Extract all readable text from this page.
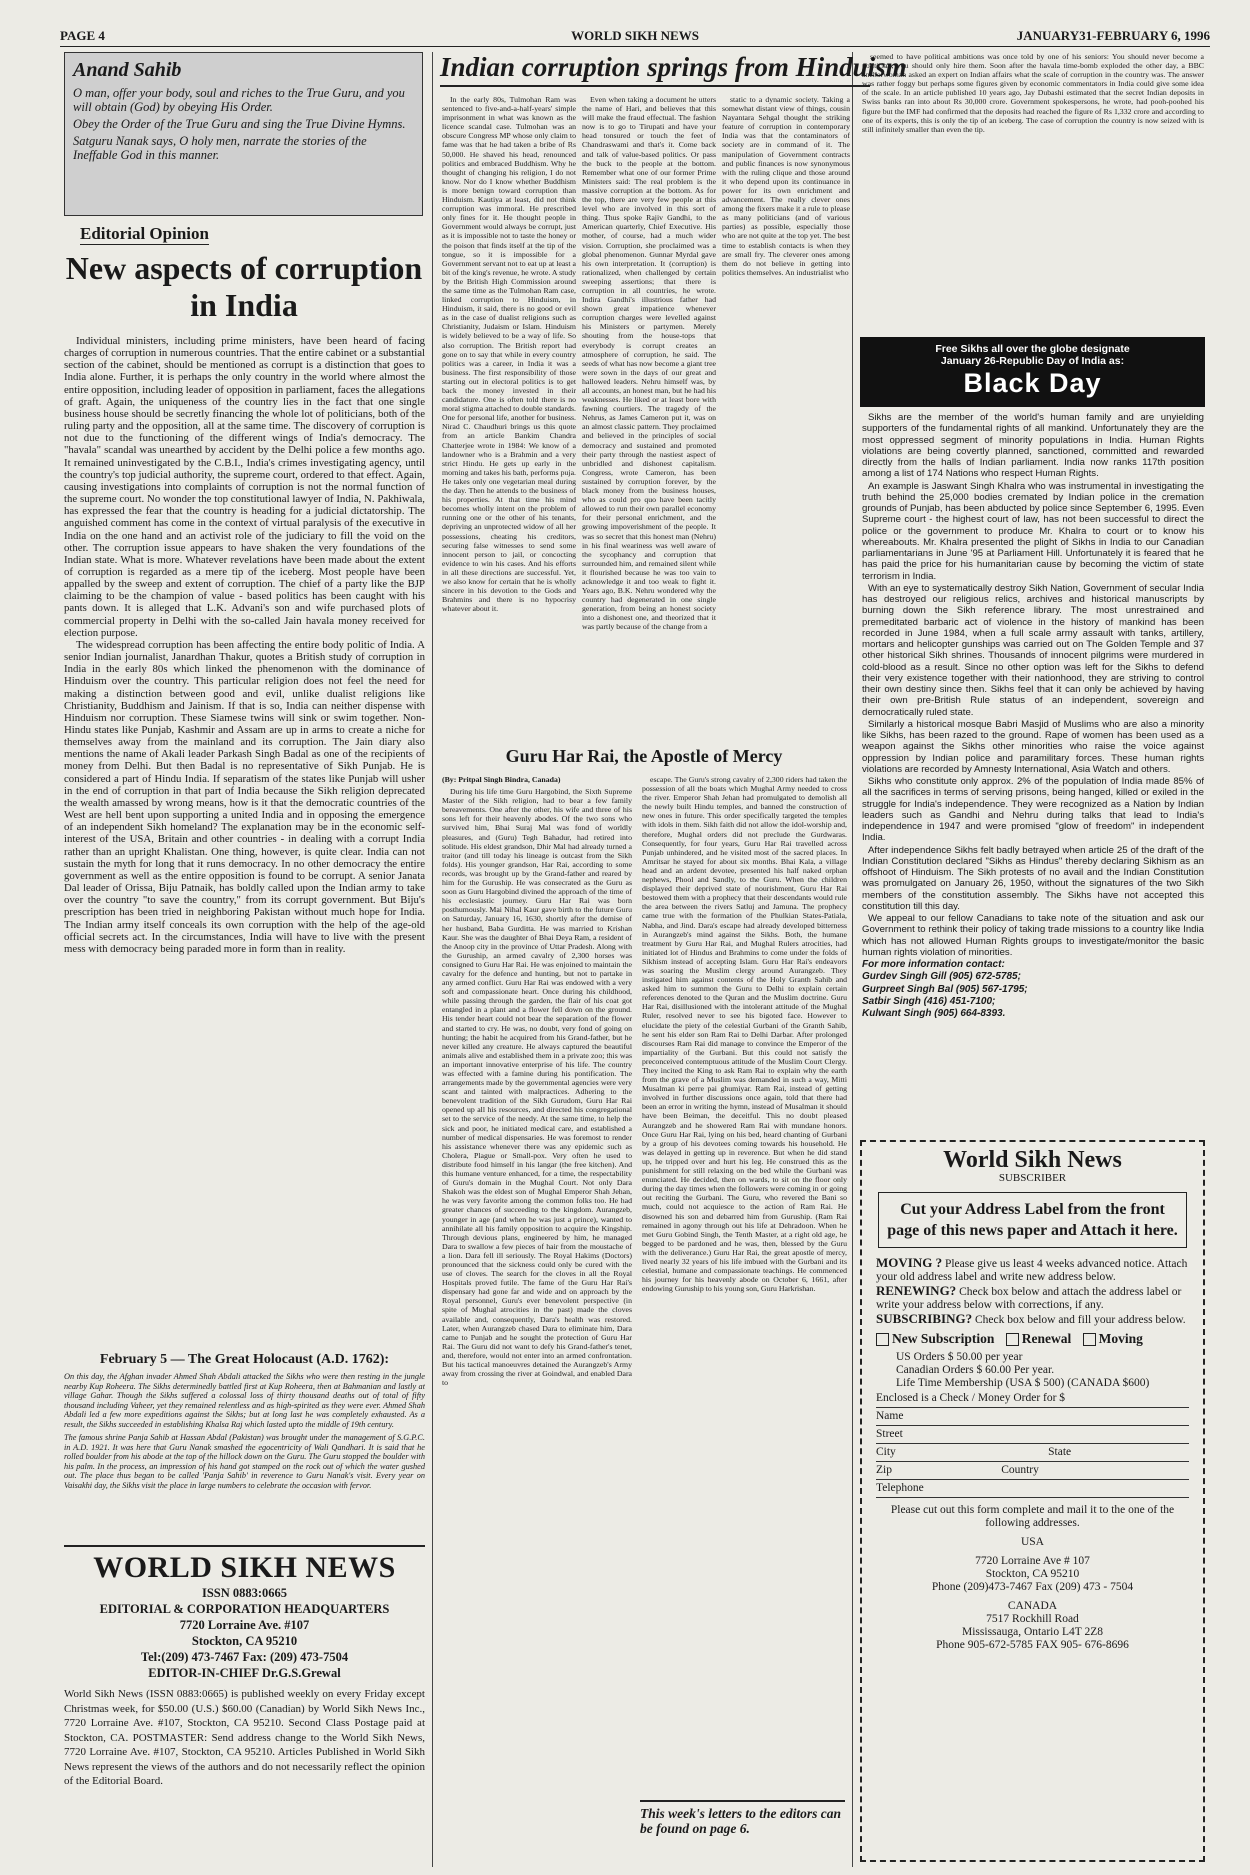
PAGE 4	WORLD SIKH NEWS	JANUARY31-FEBRUARY 6, 1996
Anand Sahib

O man, offer your body, soul and riches to the True Guru, and you will obtain (God) by obeying His Order.

Obey the Order of the True Guru and sing the True Divine Hymns.

Satguru Nanak says, O holy men, narrate the stories of the Ineffable God in this manner.

Editorial Opinion
New aspects of corruption in India

Individual ministers, including prime ministers, have been heard of facing charges of corruption in numerous countries. That the entire cabinet or a substantial section of the cabinet, should be mentioned as corrupt is a distinction that goes to India alone. Further, it is perhaps the only country in the world where almost the entire opposition, including leader of opposition in parliament, faces the allegations of graft. Again, the uniqueness of the country lies in the fact that one single business house should be secretly financing the whole lot of politicians, both of the ruling party and the opposition, all at the same time. The discovery of corruption is not due to the functioning of the different wings of India's democracy. The "havala" scandal was unearthed by accident by the Delhi police a few months ago. It remained uninvestigated by the C.B.I., India's crimes investigating agency, until the country's top judicial authority, the supreme court, ordered to that effect. Again, causing investigations into complaints of corruption is not the normal function of the supreme court. No wonder the top constitutional lawyer of India, N. Pakhiwala, has expressed the fear that the country is heading for a judicial dictatorship. The anguished comment has come in the context of virtual paralysis of the executive in India on the one hand and an activist role of the judiciary to fill the void on the other. The corruption issue appears to have shaken the very foundations of the Indian state. What is more. Whatever revelations have been made about the extent of corruption is regarded as a mere tip of the iceberg. Most people have been appalled by the sweep and extent of corruption. The chief of a party like the BJP claiming to be the champion of value - based politics has been caught with his pants down. It is alleged that L.K. Advani's son and wife purchased plots of commercial property in Delhi with the so-called Jain havala money received for election purpose.

The widespread corruption has been affecting the entire body politic of India. A senior Indian journalist, Janardhan Thakur, quotes a British study of corruption in India in the early 80s which linked the phenomenon with the dominance of Hinduism over the country. This particular religion does not feel the need for making a distinction between good and evil, unlike dualist religions like Christianity, Buddhism and Jainism. If that is so, India can neither dispense with Hinduism nor corruption. These Siamese twins will sink or swim together. Non-Hindu states like Punjab, Kashmir and Assam are up in arms to create a niche for themselves away from the mainland and its corruption. The Jain diary also mentions the name of Akali leader Parkash Singh Badal as one of the recipients of money from Delhi. But then Badal is no representative of Sikh Punjab. He is considered a part of Hindu India. If separatism of the states like Punjab will usher in the end of corruption in that part of India because the Sikh religion deprecated the wealth amassed by wrong means, how is it that the democratic countries of the West are hell bent upon supporting a united India and in opposing the emergence of an independent Sikh homeland? The explanation may be in the economic self-interest of the USA, Britain and other countries - in dealing with a corrupt India rather than an upright Khalistan. One thing, however, is quite clear. India can not sustain the myth for long that it runs democracy. In no other democracy the entire government as well as the entire opposition is found to be corrupt. A senior Janata Dal leader of Orissa, Biju Patnaik, has boldly called upon the Indian army to take over the country "to save the country," from its corrupt government. But Biju's prescription has been tried in neighboring Pakistan without much hope for India. The Indian army itself conceals its own corruption with the help of the age-old official secrets act. In the circumstances, India will have to live with the present mess with democracy being paraded more in form than in reality.

February 5 — The Great Holocaust (A.D. 1762):

On this day, the Afghan invader Ahmed Shah Abdali attacked the Sikhs who were then resting in the jungle nearby Kup Roheera. The Sikhs determinedly battled first at Kup Roheera, then at Bahmanian and lastly at village Gahar. Though the Sikhs suffered a colossal loss of thirty thousand deaths out of total of fifty thousand including Vaheer, yet they remained relentless and as high-spirited as they were ever. Ahmed Shah Abdali led a few more expeditions against the Sikhs; but at long last he was completely exhausted. As a result, the Sikhs succeeded in establishing Khalsa Raj which lasted upto the middle of 19th century.

The famous shrine Panja Sahib at Hassan Abdal (Pakistan) was brought under the management of S.G.P.C. in A.D. 1921. It was here that Guru Nanak smashed the egocentricity of Wali Qandhari. It is said that he rolled boulder from his abode at the top of the hillock down on the Guru. The Guru stopped the boulder with his palm. In the process, an impression of his hand got stamped on the rock out of which the water gushed out. The place thus began to be called 'Panja Sahib' in reverence to Guru Nanak's visit. Every year on Vaisakhi day, the Sikhs visit the place in large numbers to celebrate the occasion with fervor.

WORLD SIKH NEWS
ISSN 0883:0665
EDITORIAL & CORPORATION HEADQUARTERS
7720 Lorraine Ave. #107
Stockton, CA 95210
Tel:(209) 473-7467 Fax: (209) 473-7504
EDITOR-IN-CHIEF Dr.G.S.Grewal
World Sikh News (ISSN 0883:0665) is published weekly on every Friday except Christmas week, for $50.00 (U.S.) $60.00 (Canadian) by World Sikh News Inc., 7720 Lorraine Ave. #107, Stockton, CA 95210. Second Class Postage paid at Stockton, CA. POSTMASTER: Send address change to the World Sikh News, 7720 Lorraine Ave. #107, Stockton, CA 95210. Articles Published in World Sikh News represent the views of the authors and do not necessarily reflect the opinion of the Editorial Board.
Indian corruption springs from Hinduism

In the early 80s, Tulmohan Ram was sentenced to five-and-a-half-years' simple imprisonment in what was known as the licence scandal case. Tulmohan was an obscure Congress MP whose only claim to fame was that he had taken a bribe of Rs 50,000. He shaved his head, renounced politics and embraced Buddhism. Why he thought of changing his religion, I do not know. Nor do I know whether Buddhism is more benign toward corruption than Hinduism. Kautiya at least, did not think corruption was immoral. He prescribed only fines for it. He thought people in Government would always be corrupt, just as it is impossible not to taste the honey or the poison that finds itself at the tip of the tongue, so it is impossible for a Government servant not to eat up at least a bit of the king's revenue, he wrote. A study by the British High Commission around the same time as the Tulmohan Ram case, linked corruption to Hinduism, in Hinduism, it said, there is no good or evil as in the case of dualist religions such as Christianity, Judaism or Islam. Hinduism is widely believed to be a way of life. So also corruption. The British report had gone on to say that while in every country politics was a career, in India it was a business. The first responsibility of those starting out in electoral politics is to get back the money invested in their candidature. One is often told there is no moral stigma attached to double standards. One for personal life, another for business. Nirad C. Chaudhuri brings us this quote from an article Bankim Chandra Chatterjee wrote in 1984: We know of a landowner who is a Brahmin and a very strict Hindu. He gets up early in the morning and takes his bath, performs puja. He takes only one vegetarian meal during the day. Then he attends to the business of his properties. At that time his mind becomes wholly intent on the problem of running one or the other of his tenants, depriving an unprotected widow of all her possessions, cheating his creditors, securing false witnesses to send some innocent person to jail, or concocting evidence to win his cases. And his efforts in all these directions are successful. Yet, we also know for certain that he is wholly sincere in his devotion to the Gods and Brahmins and there is no hypocrisy whatever about it.

Even when taking a document he utters the name of Hari, and believes that this will make the fraud effectual. The fashion now is to go to Tirupati and have your head tonsured or touch the feet of Chandraswami and that's it. Come back and talk of value-based politics. Or pass the buck to the people at the bottom. Remember what one of our former Prime Ministers said: The real problem is the massive corruption at the bottom. As for the top, there are very few people at this level who are involved in this sort of thing. Thus spoke Rajiv Gandhi, to the American quarterly, Chief Executive. His mother, of course, had a much wider vision. Corruption, she proclaimed was a global phenomenon. Gunnar Myrdal gave his own interpretation. It (corruption) is rationalized, when challenged by certain sweeping assertions; that there is corruption in all countries, he wrote. Indira Gandhi's illustrious father had shown great impatience whenever corruption charges were levelled against his Ministers or partymen. Merely shouting from the house-tops that everybody is corrupt creates an atmosphere of corruption, he said. The seeds of what has now become a giant tree were sown in the days of our great and hallowed leaders. Nehru himself was, by all accounts, an honest man, but he had his weaknesses. He liked or at least bore with fawning courtiers. The tragedy of the Nehrus, as James Cameron put it, was on an almost classic pattern. They proclaimed and believed in the principles of social democracy and sustained and promoted their party through the nastiest aspect of unbridled and dishonest capitalism. Congress, wrote Cameron, has been sustained by corruption forever, by the black money from the business houses, who as could pro quo have been tacitly allowed to run their own parallel economy for their personal enrichment, and the growing impoverishment of the people. It was so secret that this honest man (Nehru) in his final weariness was well aware of the sycophancy and corruption that surrounded him, and remained silent while it flourished because he was too vain to acknowledge it and too weak to fight it. Years ago, B.K. Nehru wondered why the country had degenerated in one single generation, from being an honest society into a dishonest one, and theorized that it was partly because of the change from a

static to a dynamic society. Taking a somewhat distant view of things, cousin Nayantara Sehgal thought the striking feature of corruption in contemporary India was that the contaminators of society are in command of it. The manipulation of Government contracts and public finances is now synonymous with the ruling clique and those around it who depend upon its continuance in power for its own enrichment and advancement. The really clever ones among the fixers make it a rule to please as many politicians (and of various parties) as possible, especially those who are not quite at the top yet. The best time to establish contacts is when they are small fry. The cleverer ones among them do not believe in getting into politics themselves. An industrialist who

seemed to have political ambitions was once told by one of his seniors: You should never become a politician, you should only hire them. Soon after the havala time-bomb exploded the other day, a BBC anchorwoman asked an expert on Indian affairs what the scale of corruption in the country was. The answer was rather foggy but perhaps some figures given by economic commentators in India could give some idea of the scale. In an article published 10 years ago, Jay Dubashi estimated that the secret Indian deposits in Swiss banks ran into about Rs 30,000 crore. Government spokespersons, he wrote, had pooh-poohed his figure but the IMF had confirmed that the deposits had reached the figure of Rs 1,332 crore and according to one of its experts, this is only the tip of an iceberg. The case of corruption the country is now seized with is still infinitely smaller than even the tip.

Guru Har Rai, the Apostle of Mercy

(By: Pritpal Singh Bindra, Canada)

During his life time Guru Hargobind, the Sixth Supreme Master of the Sikh religion, had to bear a few family bereavements. One after the other, his wife and three of his sons left for their heavenly abodes. Of the two sons who survived him, Bhai Suraj Mal was fond of worldly pleasures, and (Guru) Tegh Bahadur, had retired into solitude. His eldest grandson, Dhir Mal had already turned a traitor (and till today his lineage is outcast from the Sikh folds). His younger grandson, Har Rai, according to some records, was brought up by the Grand-father and reared by him for the Guruship. He was consecrated as the Guru as soon as Guru Hargobind divined the approach of the time of his ecclesiastic journey. Guru Har Rai was born posthumously. Mai Nihal Kaur gave birth to the future Guru on Saturday, January 16, 1630, shortly after the demise of her husband, Baba Gurditta. He was married to Krishan Kaur. She was the daughter of Bhai Deya Ram, a resident of the Anoop city in the province of Uttar Pradesh. Along with the Guruship, an armed cavalry of 2,300 horses was consigned to Guru Har Rai. He was enjoined to maintain the cavalry for the defence and hunting, but not to partake in any armed conflict. Guru Har Rai was endowed with a very soft and compassionate heart. Once during his childhood, while passing through the garden, the flair of his coat got entangled in a plant and a flower fell down on the ground. His tender heart could not bear the separation of the flower and started to cry. He was, no doubt, very fond of going on hunting; the habit he acquired from his Grand-father, but he never killed any creature. He always captured the beautiful animals alive and established them in a private zoo; this was an important innovative enterprise of his life. The country was effected with a famine during his pontification. The arrangements made by the governmental agencies were very scant and tainted with malpractices. Adhering to the benevolent tradition of the Sikh Gurudom, Guru Har Rai opened up all his resources, and directed his congregational set to the service of the needy. At the same time, to help the sick and poor, he initiated medical care, and established a number of medical dispensaries. He was foremost to render his assistance whenever there was any epidemic such as Cholera, Plague or Small-pox. Very often he used to distribute food himself in his langar (the free kitchen). And this humane venture enhanced, for a time, the respectability of Guru's domain in the Mughal Court. Not only Dara Shakoh was the eldest son of Mughal Emperor Shah Jehan, he was very favorite among the common folks too. He had greater chances of succeeding to the kingdom. Aurangzeb, younger in age (and when he was just a prince), wanted to annihilate all his family opposition to acquire the Kingship. Through devious plans, engineered by him, he managed Dara to swallow a few pieces of hair from the moustache of a lion. Dara fell ill seriously. The Royal Hakims (Doctors) pronounced that the sickness could only be cured with the use of cloves. The search for the cloves in all the Royal Hospitals proved futile. The fame of the Guru Har Rai's dispensary had gone far and wide and on approach by the Royal personnel, Guru's ever benevolent perspective (in spite of Mughal atrocities in the past) made the cloves available and, consequently, Dara's health was restored. Later, when Aurangzeb chased Dara to eliminate him, Dara came to Punjab and he sought the protection of Guru Har Rai. The Guru did not want to defy his Grand-father's tenet, and, therefore, would not enter into an armed confrontation. But his tactical manoeuvres detained the Aurangzeb's Army away from crossing the river at Goindwal, and enabled Dara to

escape. The Guru's strong cavalry of 2,300 riders had taken the possession of all the boats which Mughal Army needed to cross the river. Emperor Shah Jehan had promulgated to demolish all the newly built Hindu temples, and banned the construction of new ones in future. This order specifically targeted the temples with idols in them. Sikh faith did not allow the idol-worship and, therefore, Mughal orders did not preclude the Gurdwaras. Consequently, for four years, Guru Har Rai travelled across Punjab unhindered, and he visited most of the sacred places. In Amritsar he stayed for about six months. Bhai Kala, a village head and an ardent devotee, presented his half naked orphan nephews, Phool and Sandly, to the Guru. When the children displayed their deprived state of nourishment, Guru Har Rai bestowed them with a prophecy that their descendants would rule the area between the rivers Satluj and Jamuna. The prophecy came true with the formation of the Phulkian States-Patiala, Nabha, and Jind. Dara's escape had already developed bitterness in Aurangzeb's mind against the Sikhs. Both, the humane treatment by Guru Har Rai, and Mughal Rulers atrocities, had initiated lot of Hindus and Brahmins to come under the folds of Sikhism instead of accepting Islam. Guru Har Rai's endeavors was soaring the Muslim clergy around Aurangzeb. They instigated him against contents of the Holy Granth Sahib and asked him to summon the Guru to Delhi to explain certain references denoted to the Quran and the Muslim doctrine. Guru Har Rai, disillusioned with the intolerant attitude of the Mughal Ruler, resolved never to see his bigoted face. However to elucidate the piety of the celestial Gurbani of the Granth Sahib, he sent his elder son Ram Rai to Delhi Darbar. After prolonged discourses Ram Rai did manage to convince the Emperor of the impartiality of the Gurbani. But this could not satisfy the preconceived contemptuous attitude of the Muslim Court Clergy. They incited the King to ask Ram Rai to explain why the earth from the grave of a Muslim was demanded in such a way, Mitti Musalman ki perre pai ghumiyar. Ram Rai, instead of getting involved in further discussions once again, told that there had been an error in writing the hymn, instead of Musalman it should have been Beiman, the deceitful. This no doubt pleased Aurangzeb and he showered Ram Rai with mundane honors. Once Guru Har Rai, lying on his bed, heard chanting of Gurbani by a group of his devotees coming towards his household. He was delayed in getting up in reverence. But when he did stand up, he tripped over and hurt his leg. He construed this as the punishment for still relaxing on the bed while the Gurbani was enunciated. He decided, then on wards, to sit on the floor only during the day times when the followers were coming in or going out reciting the Gurbani. The Guru, who revered the Bani so much, could not acquiesce to the action of Ram Rai. He disowned his son and debarred him from Guruship. (Ram Rai remained in agony through out his life at Dehradoon. When he met Guru Gobind Singh, the Tenth Master, at a right old age, he begged to be pardoned and he was, then, blessed by the Guru with the deliverance.) Guru Har Rai, the great apostle of mercy, lived nearly 32 years of his life imbued with the Gurbani and its celestial, humane and compassionate teachings. He commenced his journey for his heavenly abode on October 6, 1661, after endowing Guruship to his young son, Guru Harkrishan.

This week's letters to the editors can be found on page 6.
Free Sikhs all over the globe designate
January 26-Republic Day of India as:
Black Day

Sikhs are the member of the world's human family and are unyielding supporters of the fundamental rights of all mankind. Unfortunately they are the most oppressed segment of minority populations in India. Human Rights violations are being covertly planned, sanctioned, committed and rewarded directly from the halls of Indian parliament. India now ranks 117th position among a list of 174 Nations who respect Human Rights.

An example is Jaswant Singh Khalra who was instrumental in investigating the truth behind the 25,000 bodies cremated by Indian police in the cremation grounds of Punjab, has been abducted by police since September 6, 1995. Even Supreme court - the highest court of law, has not been successful to direct the police or the government to produce Mr. Khalra to court or to know his whereabouts. Mr. Khalra presented the plight of Sikhs in India to our Canadian parliamentarians in June '95 at Parliament Hill. Unfortunately it is feared that he has paid the price for his humanitarian cause by becoming the victim of state terrorism in India.

With an eye to systematically destroy Sikh Nation, Government of secular India has destroyed our religious relics, archives and historical manuscripts by burning down the Sikh reference library. The most unrestrained and premeditated barbaric act of violence in the history of mankind has been recorded in June 1984, when a full scale army assault with tanks, artillery, mortars and helicopter gunships was carried out on The Golden Temple and 37 other historical Sikh shrines. Thousands of innocent pilgrims were murdered in cold-blood as a result. Since no other option was left for the Sikhs to defend their very existence together with their nationhood, they are striving to control their own destiny since then. Sikhs feel that it can only be achieved by having their own pre-British Rule status of an independent, sovereign and democratically ruled state.

Similarly a historical mosque Babri Masjid of Muslims who are also a minority like Sikhs, has been razed to the ground. Rape of women has been used as a weapon against the Sikhs other minorities who raise the voice against oppression by Indian police and paramilitary forces. These human rights violations are recorded by Amnesty International, Asia Watch and others.

Sikhs who constitute only approx. 2% of the population of India made 85% of all the sacrifices in terms of serving prisons, being hanged, killed or exiled in the struggle for India's independence. They were recognized as a Nation by Indian leaders such as Gandhi and Nehru during talks that lead to India's independence in 1947 and were promised "glow of freedom" in independent India.

After independence Sikhs felt badly betrayed when article 25 of the draft of the Indian Constitution declared "Sikhs as Hindus" thereby declaring Sikhism as an offshoot of Hinduism. The Sikh protests of no avail and the Indian Constitution was promulgated on January 26, 1950, without the signatures of the two Sikh members of the constitution assembly. The Sikhs have not accepted this constitution till this day.

We appeal to our fellow Canadians to take note of the situation and ask our Government to rethink their policy of taking trade missions to a country like India which has not allowed Human Rights groups to investigate/monitor the basic human rights violation of minorities.

For more information contact:

Gurdev Singh Gill (905) 672-5785;

Gurpreet Singh Bal (905) 567-1795;

Satbir Singh (416) 451-7100;

Kulwant Singh (905) 664-8393.

World Sikh News
SUBSCRIBER
Cut your Address Label from the front page of this news paper and Attach it here.
MOVING ? Please give us least 4 weeks advanced notice. Attach your old address label and write new address below.
RENEWING? Check box below and attach the address label or write your address below with corrections, if any.
SUBSCRIBING? Check box below and fill your address below.
New Subscription Renewal Moving
US Orders $ 50.00 per year
Canadian Orders $ 60.00 Per year.
Life Time Membership (USA $ 500) (CANADA $600)
Enclosed is a Check / Money Order for $
Name
Street
City	State
Zip	Country
Telephone
Please cut out this form complete and mail it to the one of the following addresses.
USA
7720 Lorraine Ave # 107
Stockton, CA 95210
Phone (209)473-7467 Fax (209) 473 - 7504
CANADA
7517 Rockhill Road
Mississauga, Ontario L4T 2Z8
Phone 905-672-5785 FAX 905- 676-8696
